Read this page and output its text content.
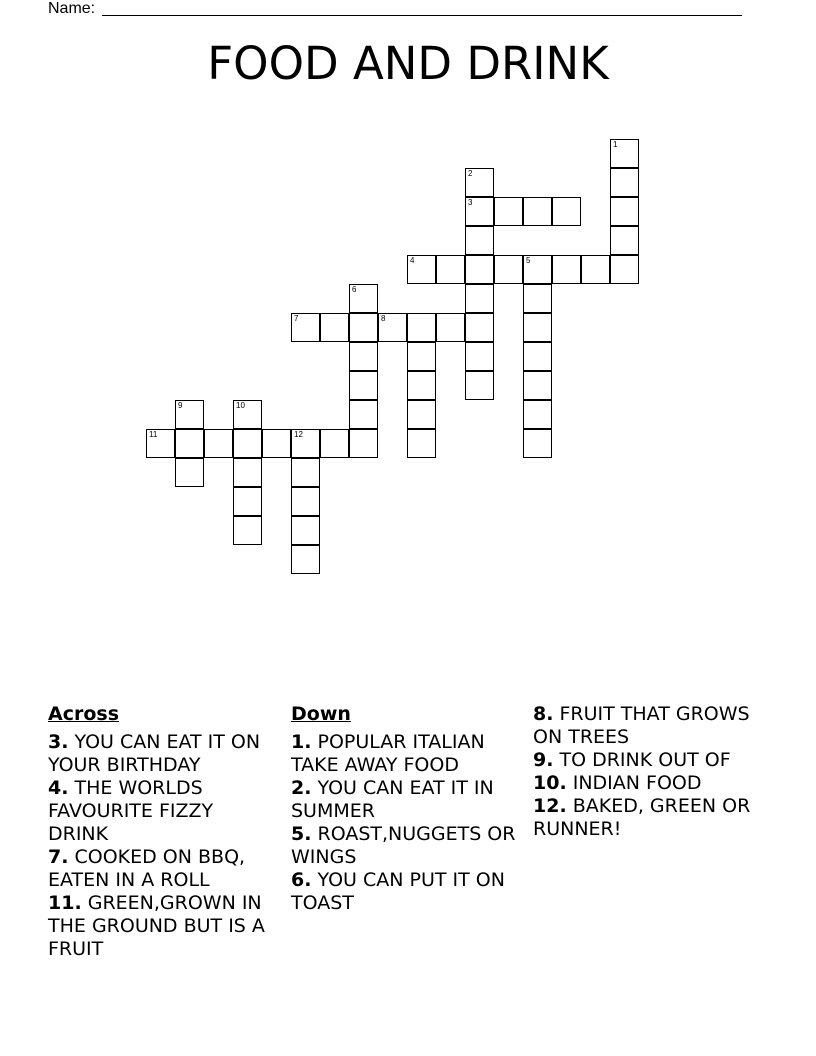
Name:
FOOD AND DRINK
1
2
3
4	5
6
7	8
9	10
11	12
Across
3. YOU CAN EAT IT ON YOUR BIRTHDAY
4. THE WORLDS FAVOURITE FIZZY DRINK
7. COOKED ON BBQ, EATEN IN A ROLL
11. GREEN,GROWN IN THE GROUND BUT IS A FRUIT
Down
1. POPULAR ITALIAN TAKE AWAY FOOD
2. YOU CAN EAT IT IN SUMMER
5. ROAST,NUGGETS OR WINGS
6. YOU CAN PUT IT ON TOAST
8. FRUIT THAT GROWS ON TREES
9. TO DRINK OUT OF
10. INDIAN FOOD
12. BAKED, GREEN OR RUNNER!
